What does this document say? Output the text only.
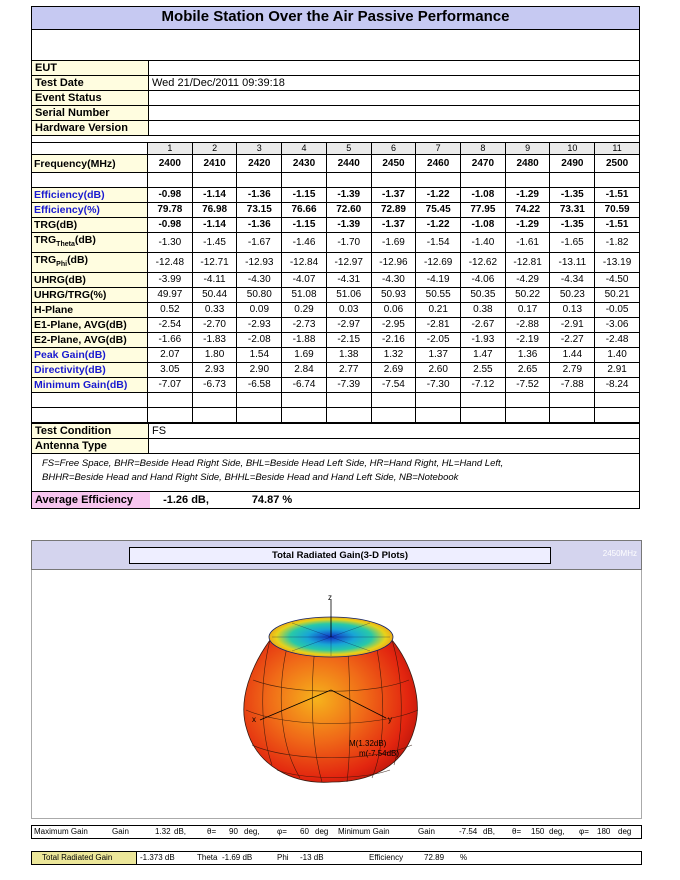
Mobile Station Over the Air Passive Performance
EUT	
Test Date	Wed 21/Dec/2011 09:39:18
Event Status	
Serial Number	
Hardware Version	
	1	2	3	4	5	6	7	8	9	10	11
Frequency(MHz)	2400	2410	2420	2430	2440	2450	2460	2470	2480	2490	2500

Efficiency(dB)	-0.98	-1.14	-1.36	-1.15	-1.39	-1.37	-1.22	-1.08	-1.29	-1.35	-1.51
Efficiency(%)	79.78	76.98	73.15	76.66	72.60	72.89	75.45	77.95	74.22	73.31	70.59
TRG(dB)	-0.98	-1.14	-1.36	-1.15	-1.39	-1.37	-1.22	-1.08	-1.29	-1.35	-1.51
$TRG_{Theta}(dB)$	-1.30	-1.45	-1.67	-1.46	-1.70	-1.69	-1.54	-1.40	-1.61	-1.65	-1.82
$TRG_{Phi}(dB)$	-12.48	-12.71	-12.93	-12.84	-12.97	-12.96	-12.69	-12.62	-12.81	-13.11	-13.19
UHRG(dB)	-3.99	-4.11	-4.30	-4.07	-4.31	-4.30	-4.19	-4.06	-4.29	-4.34	-4.50
UHRG/TRG(%)	49.97	50.44	50.80	51.08	51.06	50.93	50.55	50.35	50.22	50.23	50.21
H-Plane	0.52	0.33	0.09	0.29	0.03	0.06	0.21	0.38	0.17	0.13	-0.05
E1-Plane, AVG(dB)	-2.54	-2.70	-2.93	-2.73	-2.97	-2.95	-2.81	-2.67	-2.88	-2.91	-3.06
E2-Plane, AVG(dB)	-1.66	-1.83	-2.08	-1.88	-2.15	-2.16	-2.05	-1.93	-2.19	-2.27	-2.48
Peak Gain(dB)	2.07	1.80	1.54	1.69	1.38	1.32	1.37	1.47	1.36	1.44	1.40
Directivity(dB)	3.05	2.93	2.90	2.84	2.77	2.69	2.60	2.55	2.65	2.79	2.91
Minimum Gain(dB)	-7.07	-6.73	-6.58	-6.74	-7.39	-7.54	-7.30	-7.12	-7.52	-7.88	-8.24

Test Condition	FS
Antenna Type	
FS=Free Space, BHR=Beside Head Right Side, BHL=Beside Head Left Side, HR=Hand Right, HL=Hand Left,
BHHR=Beside Head and Hand Right Side, BHHL=Beside Head and Hand Left Side, NB=Notebook
Average Efficiency	-1.26 dB,	74.87 %
Total Radiated Gain(3-D Plots)	2450MHz
z
x	y
M(1.32dB)
m(-7.54dB)
Maximum Gain	Gain	1.32 dB,	θ= 90 deg, φ= 60 deg Minimum Gain	Gain	-7.54 dB, θ= 150 deg, φ= 180 deg
Total Radiated Gain	-1.373 dB	Theta -1.69 dB	Phi -13 dB	Efficiency	72.89 %
